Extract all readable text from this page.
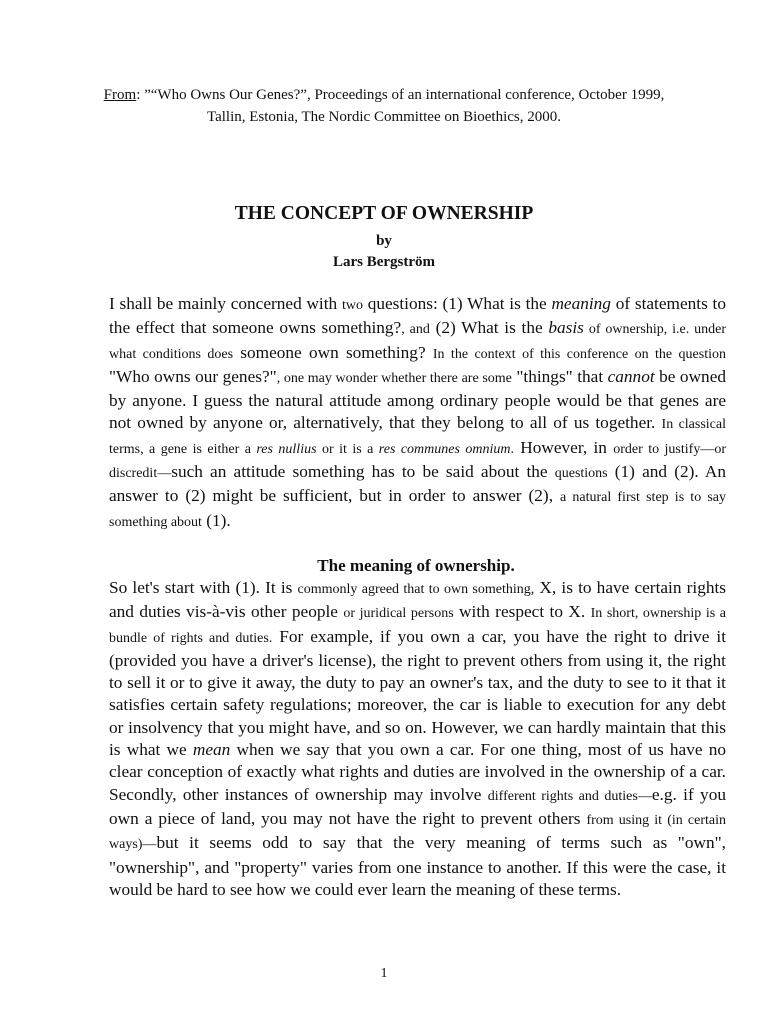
From: ”“Who Owns Our Genes?”, Proceedings of an international conference, October 1999, Tallin, Estonia, The Nordic Committee on Bioethics, 2000.
THE CONCEPT OF OWNERSHIP
by
Lars Bergström
I shall be mainly concerned with two questions: (1) What is the meaning of statements to the effect that someone owns something?, and (2) What is the basis of ownership, i.e. under what conditions does someone own something? In the context of this conference on the question "Who owns our genes?", one may wonder whether there are some "things" that cannot be owned by anyone. I guess the natural attitude among ordinary people would be that genes are not owned by anyone or, alternatively, that they belong to all of us together. In classical terms, a gene is either a res nullius or it is a res communes omnium. However, in order to justify—or discredit—such an attitude something has to be said about the questions (1) and (2). An answer to (2) might be sufficient, but in order to answer (2), a natural first step is to say something about (1).
The meaning of ownership.
So let's start with (1). It is commonly agreed that to own something, X, is to have certain rights and duties vis-à-vis other people or juridical persons with respect to X. In short, ownership is a bundle of rights and duties. For example, if you own a car, you have the right to drive it (provided you have a driver's license), the right to prevent others from using it, the right to sell it or to give it away, the duty to pay an owner's tax, and the duty to see to it that it satisfies certain safety regulations; moreover, the car is liable to execution for any debt or insolvency that you might have, and so on. However, we can hardly maintain that this is what we mean when we say that you own a car. For one thing, most of us have no clear conception of exactly what rights and duties are involved in the ownership of a car. Secondly, other instances of ownership may involve different rights and duties—e.g. if you own a piece of land, you may not have the right to prevent others from using it (in certain ways)—but it seems odd to say that the very meaning of terms such as "own", "ownership", and "property" varies from one instance to another. If this were the case, it would be hard to see how we could ever learn the meaning of these terms.
1
